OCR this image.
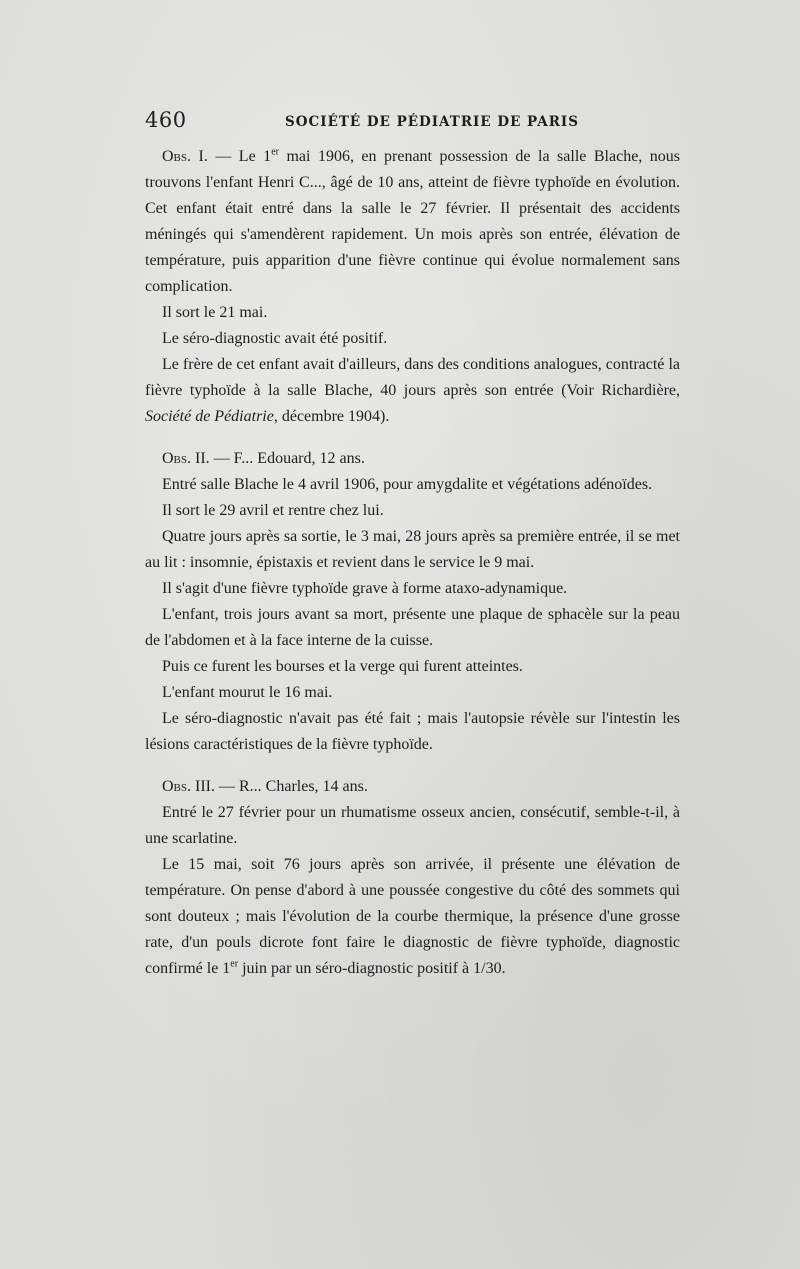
460	SOCIÉTÉ DE PÉDIATRIE DE PARIS

Obs. I. — Le 1er mai 1906, en prenant possession de la salle Blache, nous trouvons l'enfant Henri C..., âgé de 10 ans, atteint de fièvre typhoïde en évolution. Cet enfant était entré dans la salle le 27 février. Il présentait des accidents méningés qui s'amendèrent rapidement. Un mois après son entrée, élévation de température, puis apparition d'une fièvre continue qui évolue normalement sans complication.

Il sort le 21 mai.

Le séro-diagnostic avait été positif.

Le frère de cet enfant avait d'ailleurs, dans des conditions analogues, contracté la fièvre typhoïde à la salle Blache, 40 jours après son entrée (Voir Richardière, Société de Pédiatrie, décembre 1904).

Obs. II. — F... Edouard, 12 ans.

Entré salle Blache le 4 avril 1906, pour amygdalite et végétations adénoïdes.

Il sort le 29 avril et rentre chez lui.

Quatre jours après sa sortie, le 3 mai, 28 jours après sa première entrée, il se met au lit : insomnie, épistaxis et revient dans le service le 9 mai.

Il s'agit d'une fièvre typhoïde grave à forme ataxo-adynamique.

L'enfant, trois jours avant sa mort, présente une plaque de sphacèle sur la peau de l'abdomen et à la face interne de la cuisse.

Puis ce furent les bourses et la verge qui furent atteintes.

L'enfant mourut le 16 mai.

Le séro-diagnostic n'avait pas été fait ; mais l'autopsie révèle sur l'intestin les lésions caractéristiques de la fièvre typhoïde.

Obs. III. — R... Charles, 14 ans.

Entré le 27 février pour un rhumatisme osseux ancien, consécutif, semble-t-il, à une scarlatine.

Le 15 mai, soit 76 jours après son arrivée, il présente une élévation de température. On pense d'abord à une poussée congestive du côté des sommets qui sont douteux ; mais l'évolution de la courbe thermique, la présence d'une grosse rate, d'un pouls dicrote font faire le diagnostic de fièvre typhoïde, diagnostic confirmé le 1er juin par un séro-diagnostic positif à 1/30.
